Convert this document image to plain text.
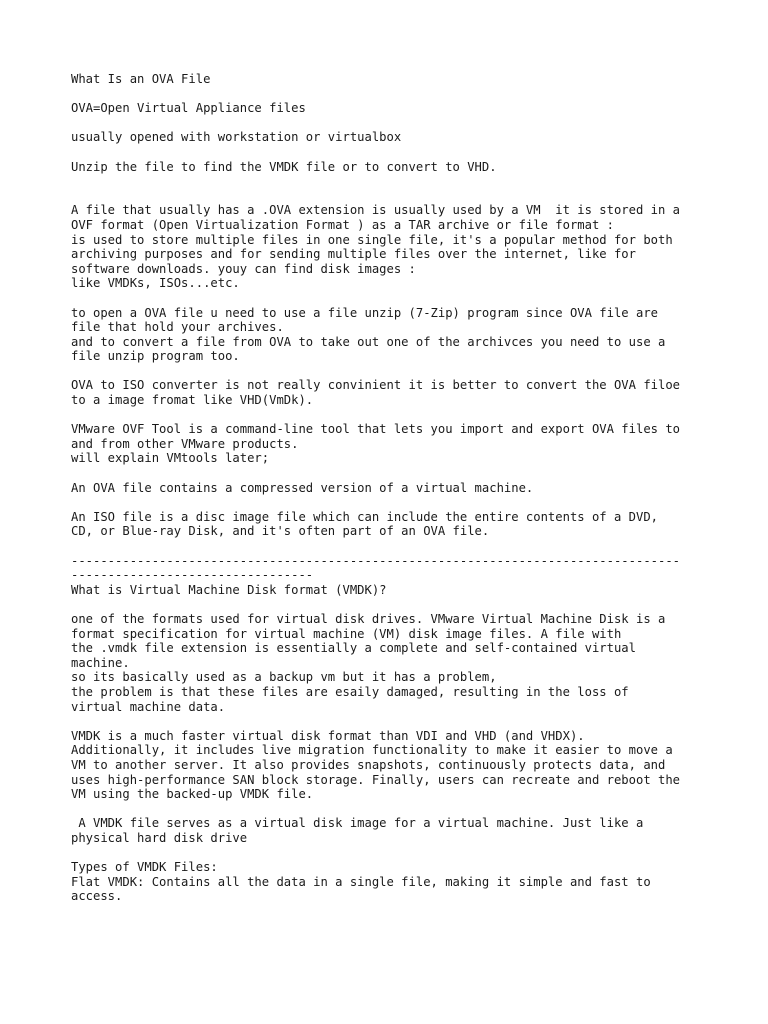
What Is an OVA File
OVA=Open Virtual Appliance files
usually opened with workstation or virtualbox
Unzip the file to find the VMDK file or to convert to VHD.
A file that usually has a .OVA extension is usually used by a VM  it is stored in a
OVF format (Open Virtualization Format ) as a TAR archive or file format :
is used to store multiple files in one single file, it's a popular method for both
archiving purposes and for sending multiple files over the internet, like for
software downloads. youy can find disk images :
like VMDKs, ISOs...etc.
to open a OVA file u need to use a file unzip (7-Zip) program since OVA file are
file that hold your archives.
and to convert a file from OVA to take out one of the archivces you need to use a
file unzip program too.
OVA to ISO converter is not really convinient it is better to convert the OVA filoe
to a image fromat like VHD(VmDk).
VMware OVF Tool is a command-line tool that lets you import and export OVA files to
and from other VMware products.
will explain VMtools later;
An OVA file contains a compressed version of a virtual machine.
An ISO file is a disc image file which can include the entire contents of a DVD,
CD, or Blue-ray Disk, and it's often part of an OVA file.
-----------------------------------------------------------------------------------
---------------------------------
What is Virtual Machine Disk format (VMDK)?
one of the formats used for virtual disk drives. VMware Virtual Machine Disk is a
format specification for virtual machine (VM) disk image files. A file with
the .vmdk file extension is essentially a complete and self-contained virtual
machine.
so its basically used as a backup vm but it has a problem,
the problem is that these files are esaily damaged, resulting in the loss of
virtual machine data.
VMDK is a much faster virtual disk format than VDI and VHD (and VHDX).
Additionally, it includes live migration functionality to make it easier to move a
VM to another server. It also provides snapshots, continuously protects data, and
uses high-performance SAN block storage. Finally, users can recreate and reboot the
VM using the backed-up VMDK file.
A VMDK file serves as a virtual disk image for a virtual machine. Just like a
physical hard disk drive
Types of VMDK Files:
Flat VMDK: Contains all the data in a single file, making it simple and fast to
access.
